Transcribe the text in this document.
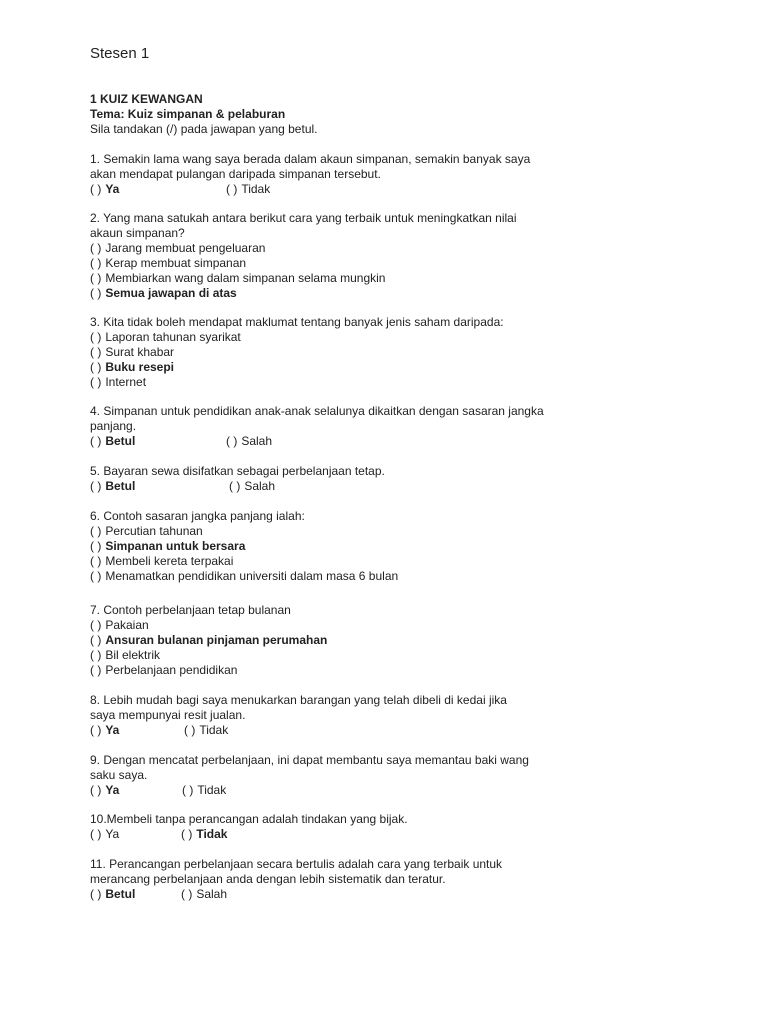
Stesen 1
1 KUIZ KEWANGAN
Tema: Kuiz simpanan & pelaburan
Sila tandakan (/) pada jawapan yang betul.
1. Semakin lama wang saya berada dalam akaun simpanan, semakin banyak saya
akan mendapat pulangan daripada simpanan tersebut.
( ) Ya	( ) Tidak
2. Yang mana satukah antara berikut cara yang terbaik untuk meningkatkan nilai
akaun simpanan?
( ) Jarang membuat pengeluaran
( ) Kerap membuat simpanan
( ) Membiarkan wang dalam simpanan selama mungkin
( ) Semua jawapan di atas
3. Kita tidak boleh mendapat maklumat tentang banyak jenis saham daripada:
( ) Laporan tahunan syarikat
( ) Surat khabar
( ) Buku resepi
( ) Internet
4. Simpanan untuk pendidikan anak-anak selalunya dikaitkan dengan sasaran jangka
panjang.
( ) Betul	( ) Salah
5. Bayaran sewa disifatkan sebagai perbelanjaan tetap.
( ) Betul	( ) Salah
6. Contoh sasaran jangka panjang ialah:
( ) Percutian tahunan
( ) Simpanan untuk bersara
( ) Membeli kereta terpakai
( ) Menamatkan pendidikan universiti dalam masa 6 bulan
7. Contoh perbelanjaan tetap bulanan
( ) Pakaian
( ) Ansuran bulanan pinjaman perumahan
( ) Bil elektrik
( ) Perbelanjaan pendidikan
8. Lebih mudah bagi saya menukarkan barangan yang telah dibeli di kedai jika
saya mempunyai resit jualan.
( ) Ya	( ) Tidak
9. Dengan mencatat perbelanjaan, ini dapat membantu saya memantau baki wang
saku saya.
( ) Ya	( ) Tidak
10.Membeli tanpa perancangan adalah tindakan yang bijak.
( ) Ya	( ) Tidak
11. Perancangan perbelanjaan secara bertulis adalah cara yang terbaik untuk
merancang perbelanjaan anda dengan lebih sistematik dan teratur.
( ) Betul	( ) Salah
